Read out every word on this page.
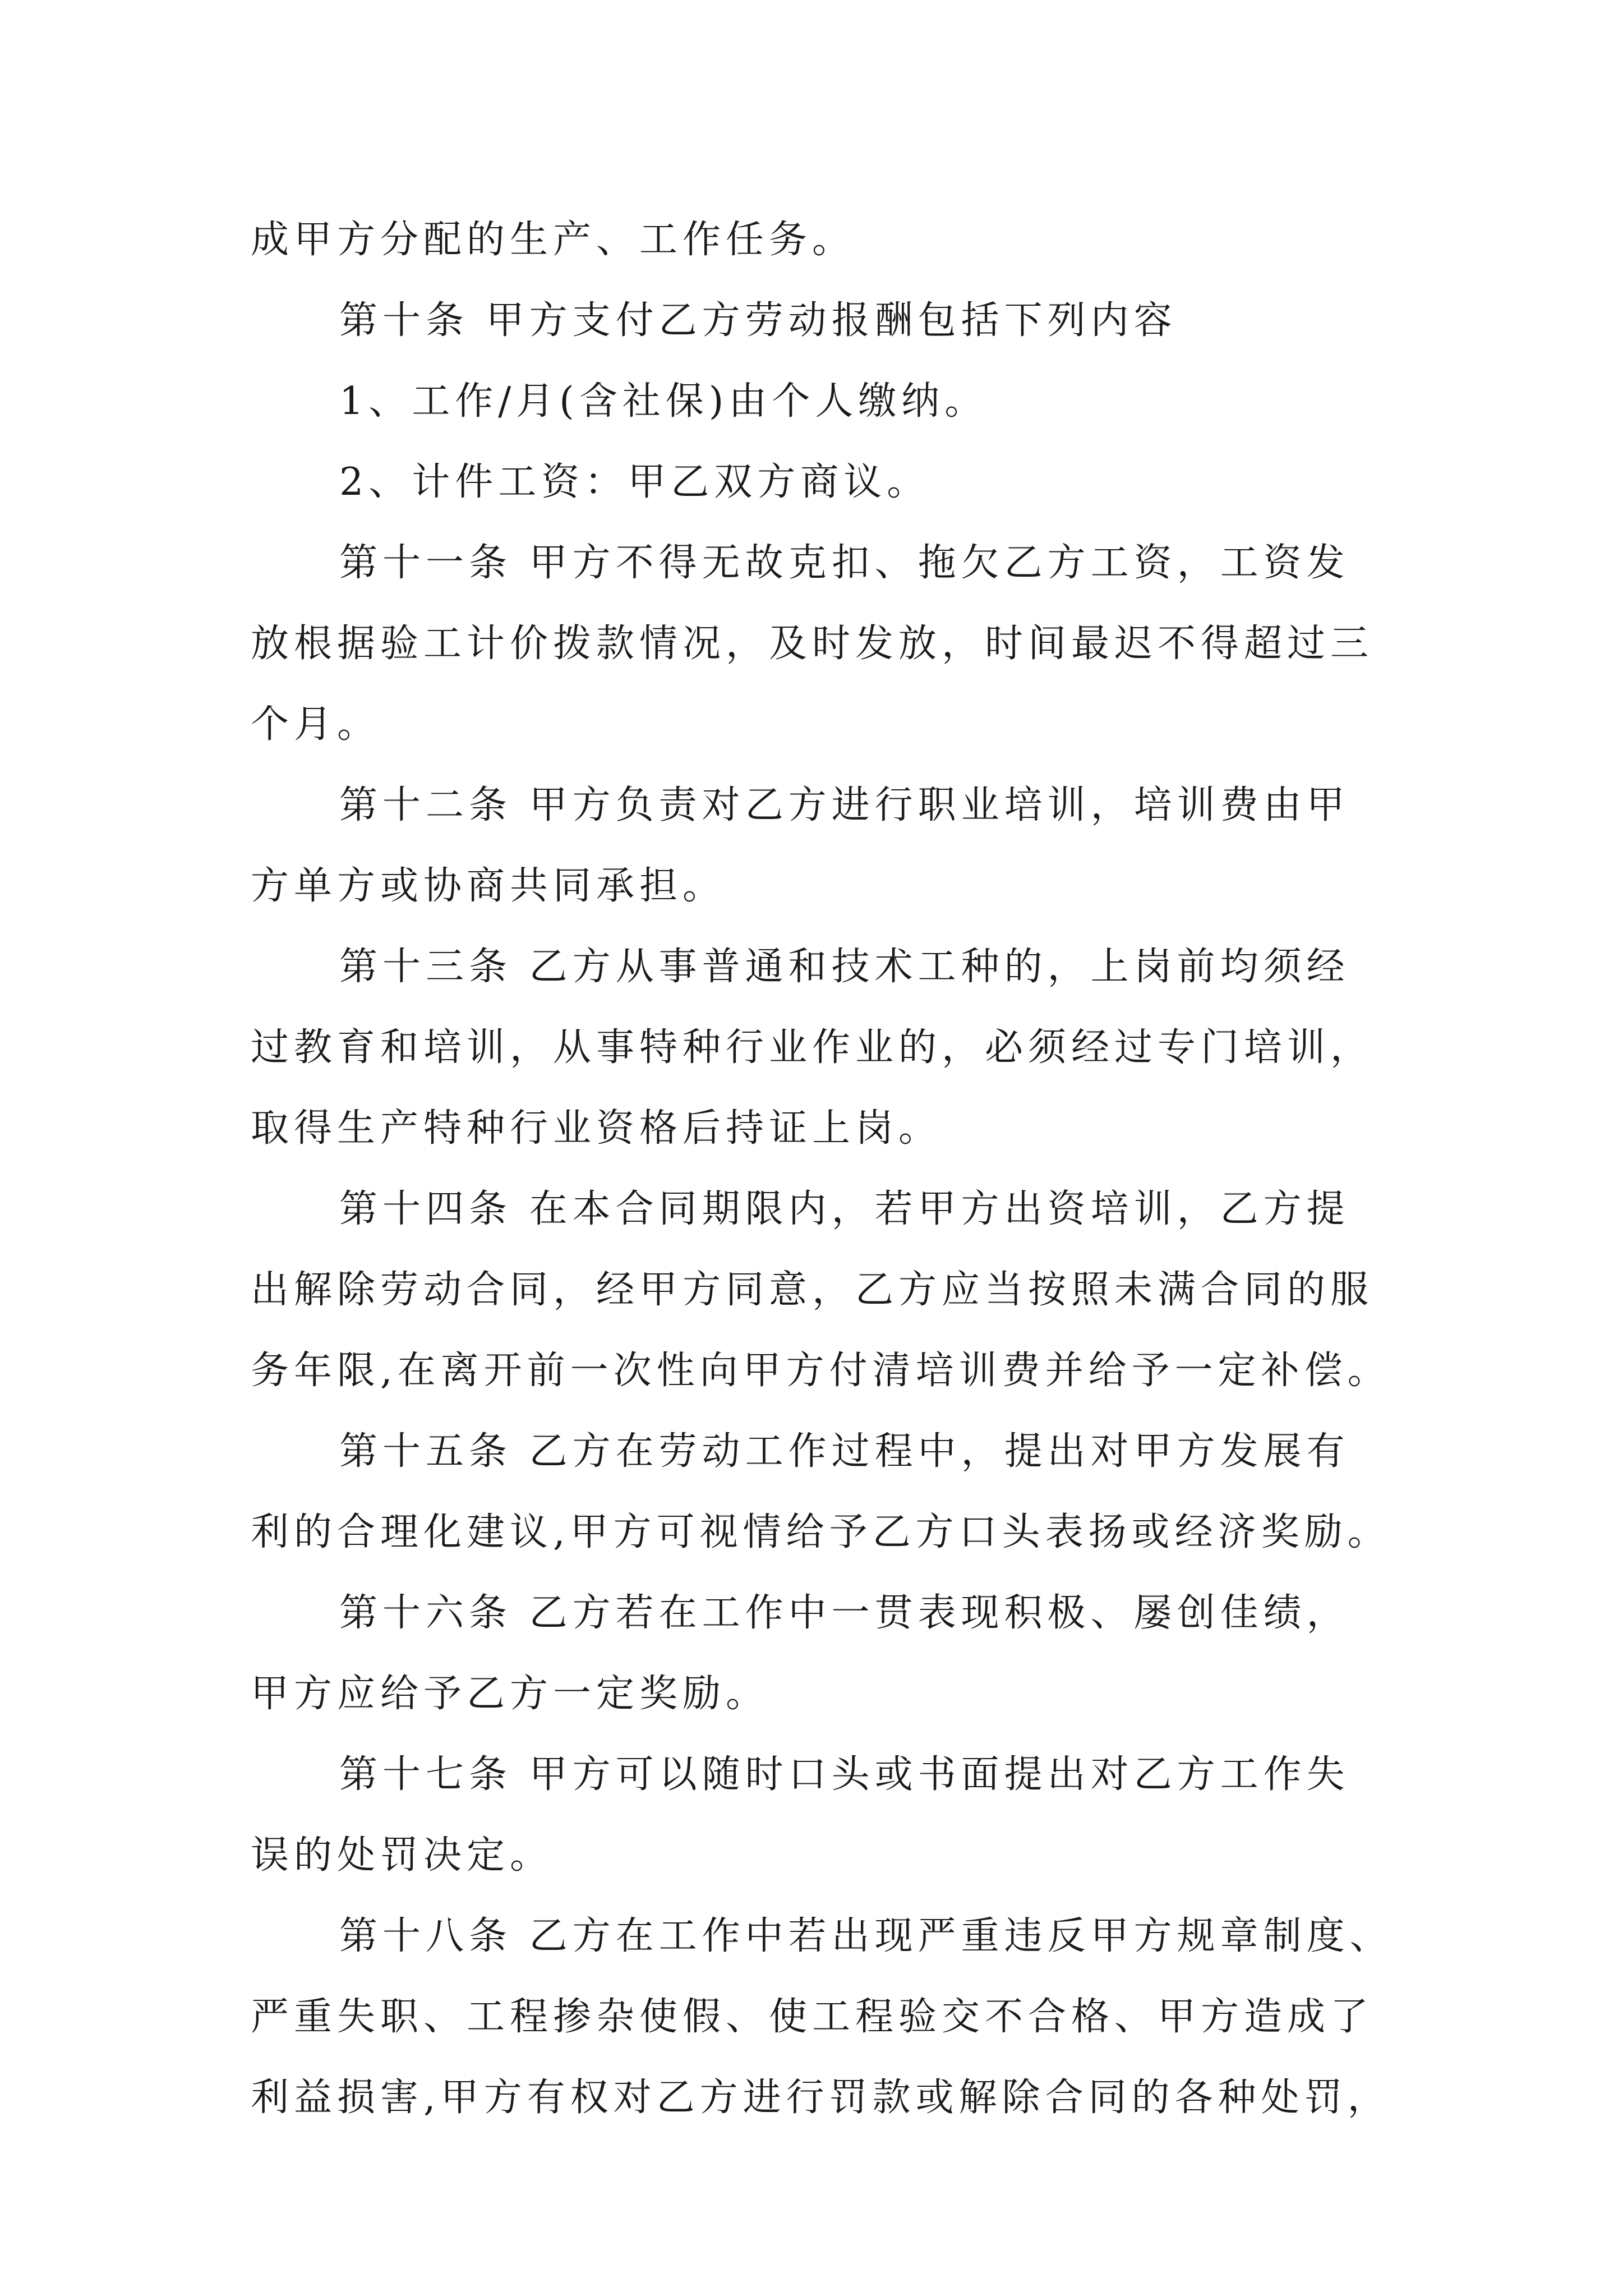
成甲方分配的生产、工作任务。
第十条 甲方支付乙方劳动报酬包括下列内容
1、工作/月(含社保)由个人缴纳。
2、计件工资：甲乙双方商议。
第十一条 甲方不得无故克扣、拖欠乙方工资，工资发
放根据验工计价拨款情况，及时发放，时间最迟不得超过三
个月。
第十二条 甲方负责对乙方进行职业培训，培训费由甲
方单方或协商共同承担。
第十三条 乙方从事普通和技术工种的，上岗前均须经
过教育和培训，从事特种行业作业的，必须经过专门培训，
取得生产特种行业资格后持证上岗。
第十四条 在本合同期限内，若甲方出资培训，乙方提
出解除劳动合同，经甲方同意，乙方应当按照未满合同的服
务年限,在离开前一次性向甲方付清培训费并给予一定补偿。
第十五条 乙方在劳动工作过程中，提出对甲方发展有
利的合理化建议,甲方可视情给予乙方口头表扬或经济奖励。
第十六条 乙方若在工作中一贯表现积极、屡创佳绩，
甲方应给予乙方一定奖励。
第十七条 甲方可以随时口头或书面提出对乙方工作失
误的处罚决定。
第十八条 乙方在工作中若出现严重违反甲方规章制度、
严重失职、工程掺杂使假、使工程验交不合格、甲方造成了
利益损害,甲方有权对乙方进行罚款或解除合同的各种处罚，
